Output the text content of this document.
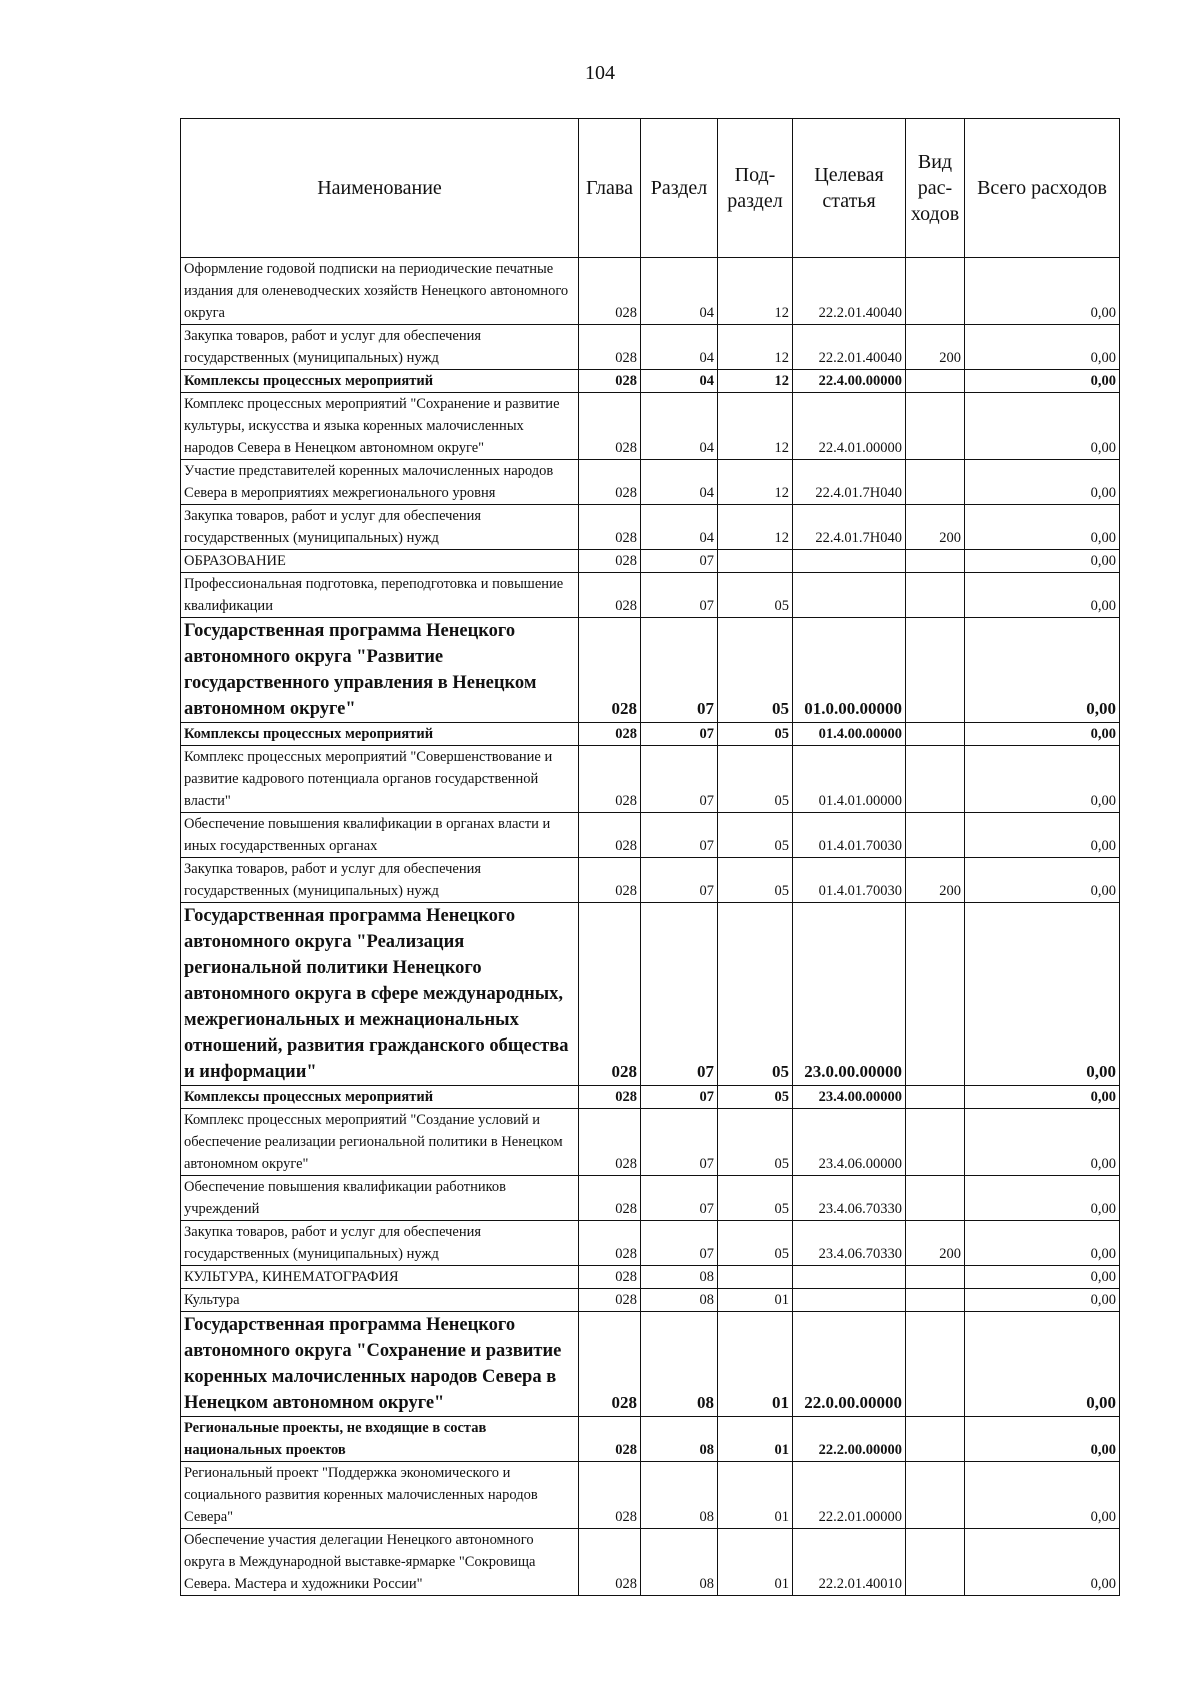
104
Наименование	Глава	Раздел	Под-раздел	Целевая статья	Вид рас-ходов	Всего расходов
Оформление годовой подписки на периодические печатные издания для оленеводческих хозяйств Ненецкого автономного округа	028	04	12	22.2.01.40040		0,00
Закупка товаров, работ и услуг для обеспечения государственных (муниципальных) нужд	028	04	12	22.2.01.40040	200	0,00
Комплексы процессных мероприятий	028	04	12	22.4.00.00000		0,00
Комплекс процессных мероприятий "Сохранение и развитие культуры, искусства и языка коренных малочисленных народов Севера в Ненецком автономном округе"	028	04	12	22.4.01.00000		0,00
Участие представителей коренных малочисленных народов Севера в мероприятиях межрегионального уровня	028	04	12	22.4.01.7Н040		0,00
Закупка товаров, работ и услуг для обеспечения государственных (муниципальных) нужд	028	04	12	22.4.01.7Н040	200	0,00
ОБРАЗОВАНИЕ	028	07				0,00
Профессиональная подготовка, переподготовка и повышение квалификации	028	07	05			0,00
Государственная программа Ненецкого автономного округа "Развитие государственного управления в Ненецком автономном округе"	028	07	05	01.0.00.00000		0,00
Комплексы процессных мероприятий	028	07	05	01.4.00.00000		0,00
Комплекс процессных мероприятий "Совершенствование и развитие кадрового потенциала органов государственной власти"	028	07	05	01.4.01.00000		0,00
Обеспечение повышения квалификации в органах власти и иных государственных органах	028	07	05	01.4.01.70030		0,00
Закупка товаров, работ и услуг для обеспечения государственных (муниципальных) нужд	028	07	05	01.4.01.70030	200	0,00
Государственная программа Ненецкого автономного округа "Реализация региональной политики Ненецкого автономного округа в сфере международных, межрегиональных и межнациональных отношений, развития гражданского общества и информации"	028	07	05	23.0.00.00000		0,00
Комплексы процессных мероприятий	028	07	05	23.4.00.00000		0,00
Комплекс процессных мероприятий "Создание условий и обеспечение реализации региональной политики в Ненецком автономном округе"	028	07	05	23.4.06.00000		0,00
Обеспечение повышения квалификации работников учреждений	028	07	05	23.4.06.70330		0,00
Закупка товаров, работ и услуг для обеспечения государственных (муниципальных) нужд	028	07	05	23.4.06.70330	200	0,00
КУЛЬТУРА, КИНЕМАТОГРАФИЯ	028	08				0,00
Культура	028	08	01			0,00
Государственная программа Ненецкого автономного округа "Сохранение и развитие коренных малочисленных народов Севера в Ненецком автономном округе"	028	08	01	22.0.00.00000		0,00
Региональные проекты, не входящие в состав национальных проектов	028	08	01	22.2.00.00000		0,00
Региональный проект "Поддержка экономического и социального развития коренных малочисленных народов Севера"	028	08	01	22.2.01.00000		0,00
Обеспечение участия делегации Ненецкого автономного округа в Международной выставке-ярмарке "Сокровища Севера. Мастера и художники России"	028	08	01	22.2.01.40010		0,00
